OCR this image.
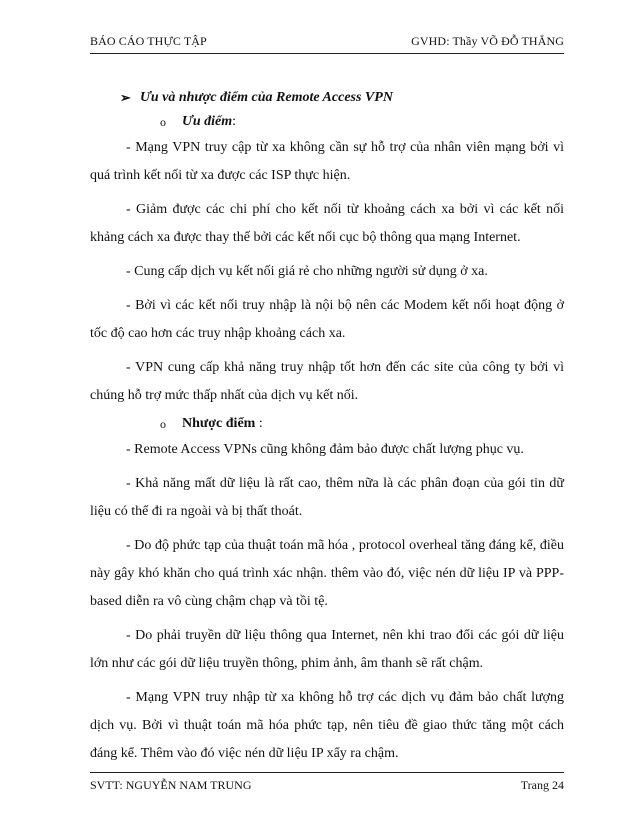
BÁO CÁO THỰC TẬP	GVHD: Thầy VÕ ĐỖ THẮNG
➢ Ưu và nhược điểm của Remote Access VPN
o Ưu điểm:

- Mạng VPN truy cập từ xa không cần sự hỗ trợ của nhân viên mạng bởi vì quá trình kết nối từ xa được các ISP thực hiện.

- Giảm được các chi phí cho kết nối từ khoảng cách xa bởi vì các kết nối khảng cách xa được thay thế bởi các kết nối cục bộ thông qua mạng Internet.

- Cung cấp dịch vụ kết nối giá rẻ cho những người sử dụng ở xa.

- Bởi vì các kết nối truy nhập là nội bộ nên các Modem kết nối hoạt động ở tốc độ cao hơn các truy nhập khoảng cách xa.

- VPN cung cấp khả năng truy nhập tốt hơn đến các site của công ty bởi vì chúng hỗ trợ mức thấp nhất của dịch vụ kết nối.

o Nhược điểm :

- Remote Access VPNs cũng không đảm bảo được chất lượng phục vụ.

- Khả năng mất dữ liệu là rất cao, thêm nữa là các phân đoạn của gói tin dữ liệu có thể đi ra ngoài và bị thất thoát.

- Do độ phức tạp của thuật toán mã hóa , protocol overheal tăng đáng kể, điều này gây khó khăn cho quá trình xác nhận. thêm vào đó, việc nén dữ liệu IP và PPP-based diễn ra vô cùng chậm chạp và tồi tệ.

- Do phải truyền dữ liệu thông qua Internet, nên khi trao đổi các gói dữ liệu lớn như các gói dữ liệu truyền thông, phim ảnh, âm thanh sẽ rất chậm.

- Mạng VPN truy nhập từ xa không hỗ trợ các dịch vụ đảm bảo chất lượng dịch vụ. Bởi vì thuật toán mã hóa phức tạp, nên tiêu đề giao thức tăng một cách đáng kể. Thêm vào đó việc nén dữ liệu IP xẩy ra chậm.

SVTT: NGUYỄN NAM TRUNG	Trang 24
